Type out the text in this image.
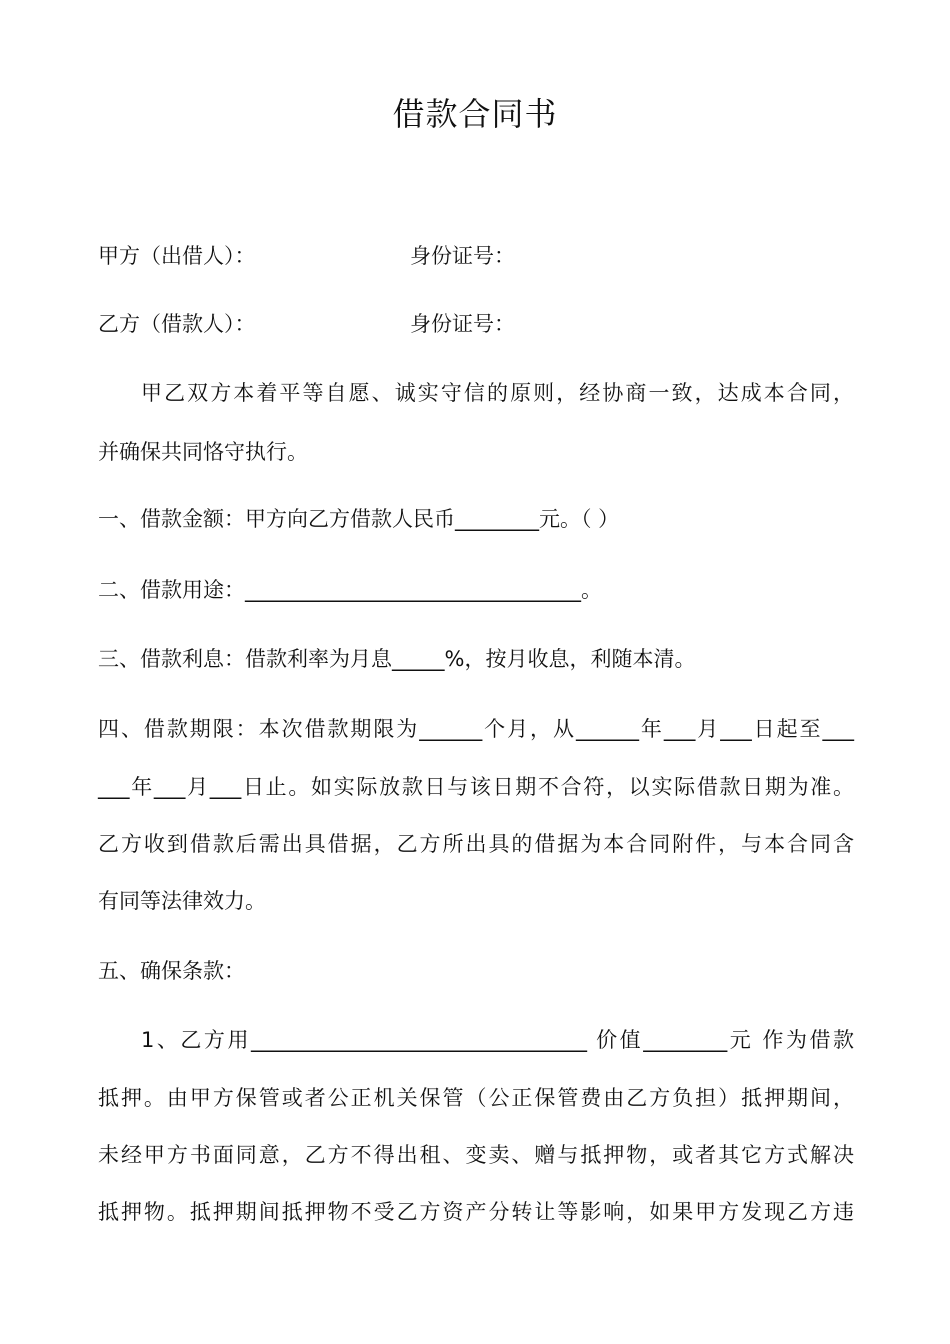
借款合同书
甲方（出借人）：	身份证号：
乙方（借款人）：	身份证号：
甲乙双方本着平等自愿、诚实守信的原则，经协商一致，达成本合同，
并确保共同恪守执行。
一、借款金额：甲方向乙方借款人民币________元。（ ）
二、借款用途：________________________________。
三、借款利息：借款利率为月息_____%，按月收息，利随本清。
四、借款期限：本次借款期限为______个月，从______年___月___日起至___
___年___月___日止。如实际放款日与该日期不合符，以实际借款日期为准。
乙方收到借款后需出具借据，乙方所出具的借据为本合同附件，与本合同含
有同等法律效力。
五、确保条款：
1、乙方用________________________________ 价值________元 作为借款
抵押。由甲方保管或者公正机关保管（公正保管费由乙方负担）抵押期间，
未经甲方书面同意，乙方不得出租、变卖、赠与抵押物，或者其它方式解决
抵押物。抵押期间抵押物不受乙方资产分转让等影响，如果甲方发现乙方违
